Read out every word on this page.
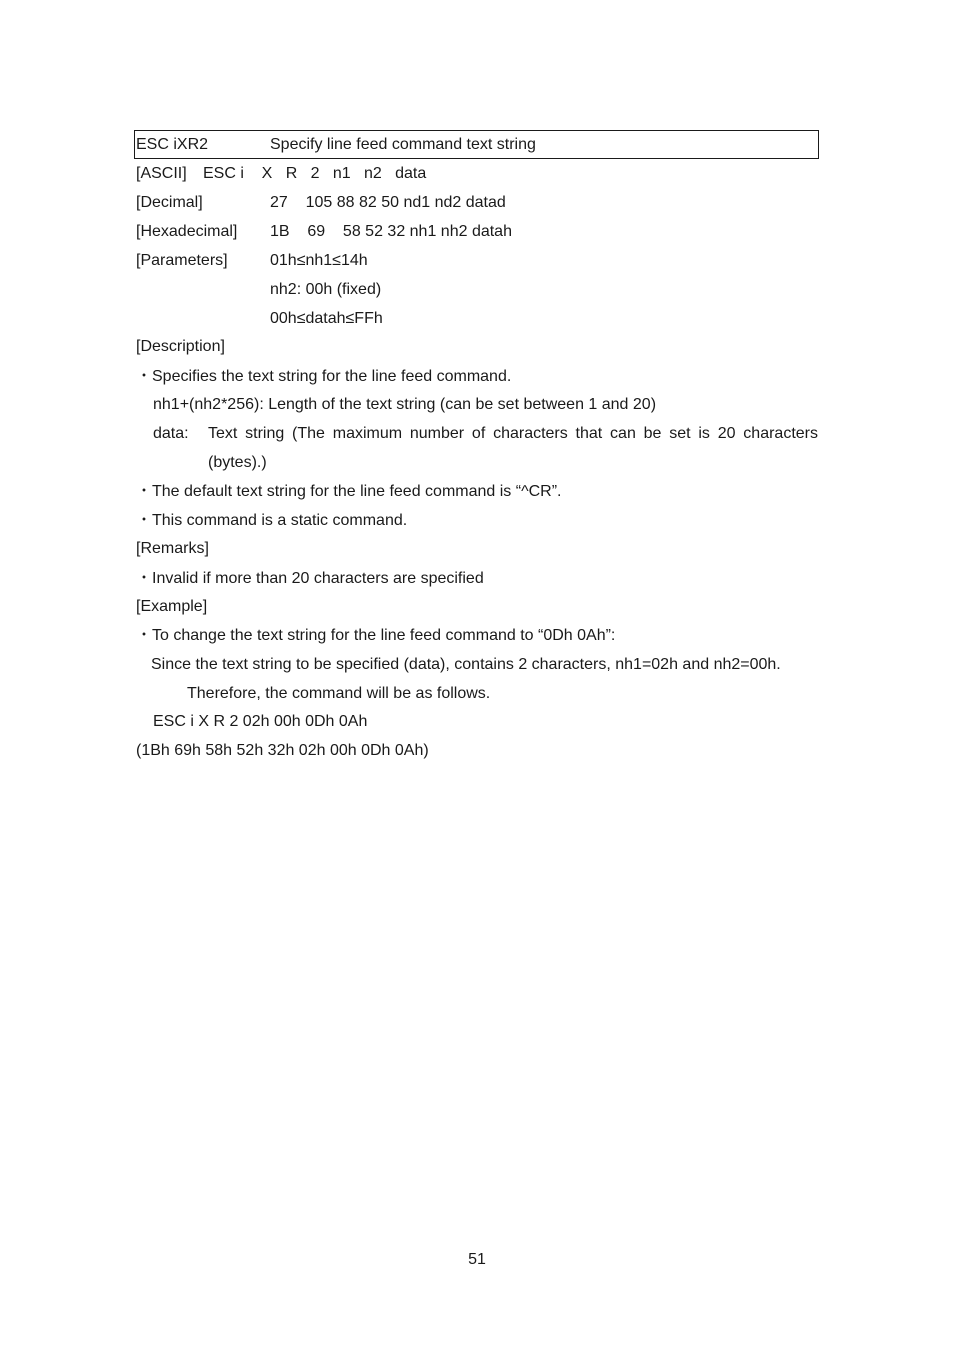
ESC iXR2	Specify line feed command text string
[ASCII] ESC i    X   R   2   n1   n2   data
[Decimal]	27    105 88 82 50 nd1 nd2 datad
[Hexadecimal] 1B    69    58 52 32 nh1 nh2 datah
[Parameters]	01h≤nh1≤14h
nh2: 00h (fixed)
00h≤datah≤FFh
[Description]
・Specifies the text string for the line feed command.
nh1+(nh2*256): Length of the text string (can be set between 1 and 20)
data: Text string (The maximum number of characters that can be set is 20 characters
(bytes).)
・The default text string for the line feed command is “^CR”.
・This command is a static command.
[Remarks]
・Invalid if more than 20 characters are specified
[Example]
・To change the text string for the line feed command to “0Dh 0Ah”:
Since the text string to be specified (data), contains 2 characters, nh1=02h and nh2=00h.
Therefore, the command will be as follows.
ESC i X R 2 02h 00h 0Dh 0Ah
(1Bh 69h 58h 52h 32h 02h 00h 0Dh 0Ah)
51
